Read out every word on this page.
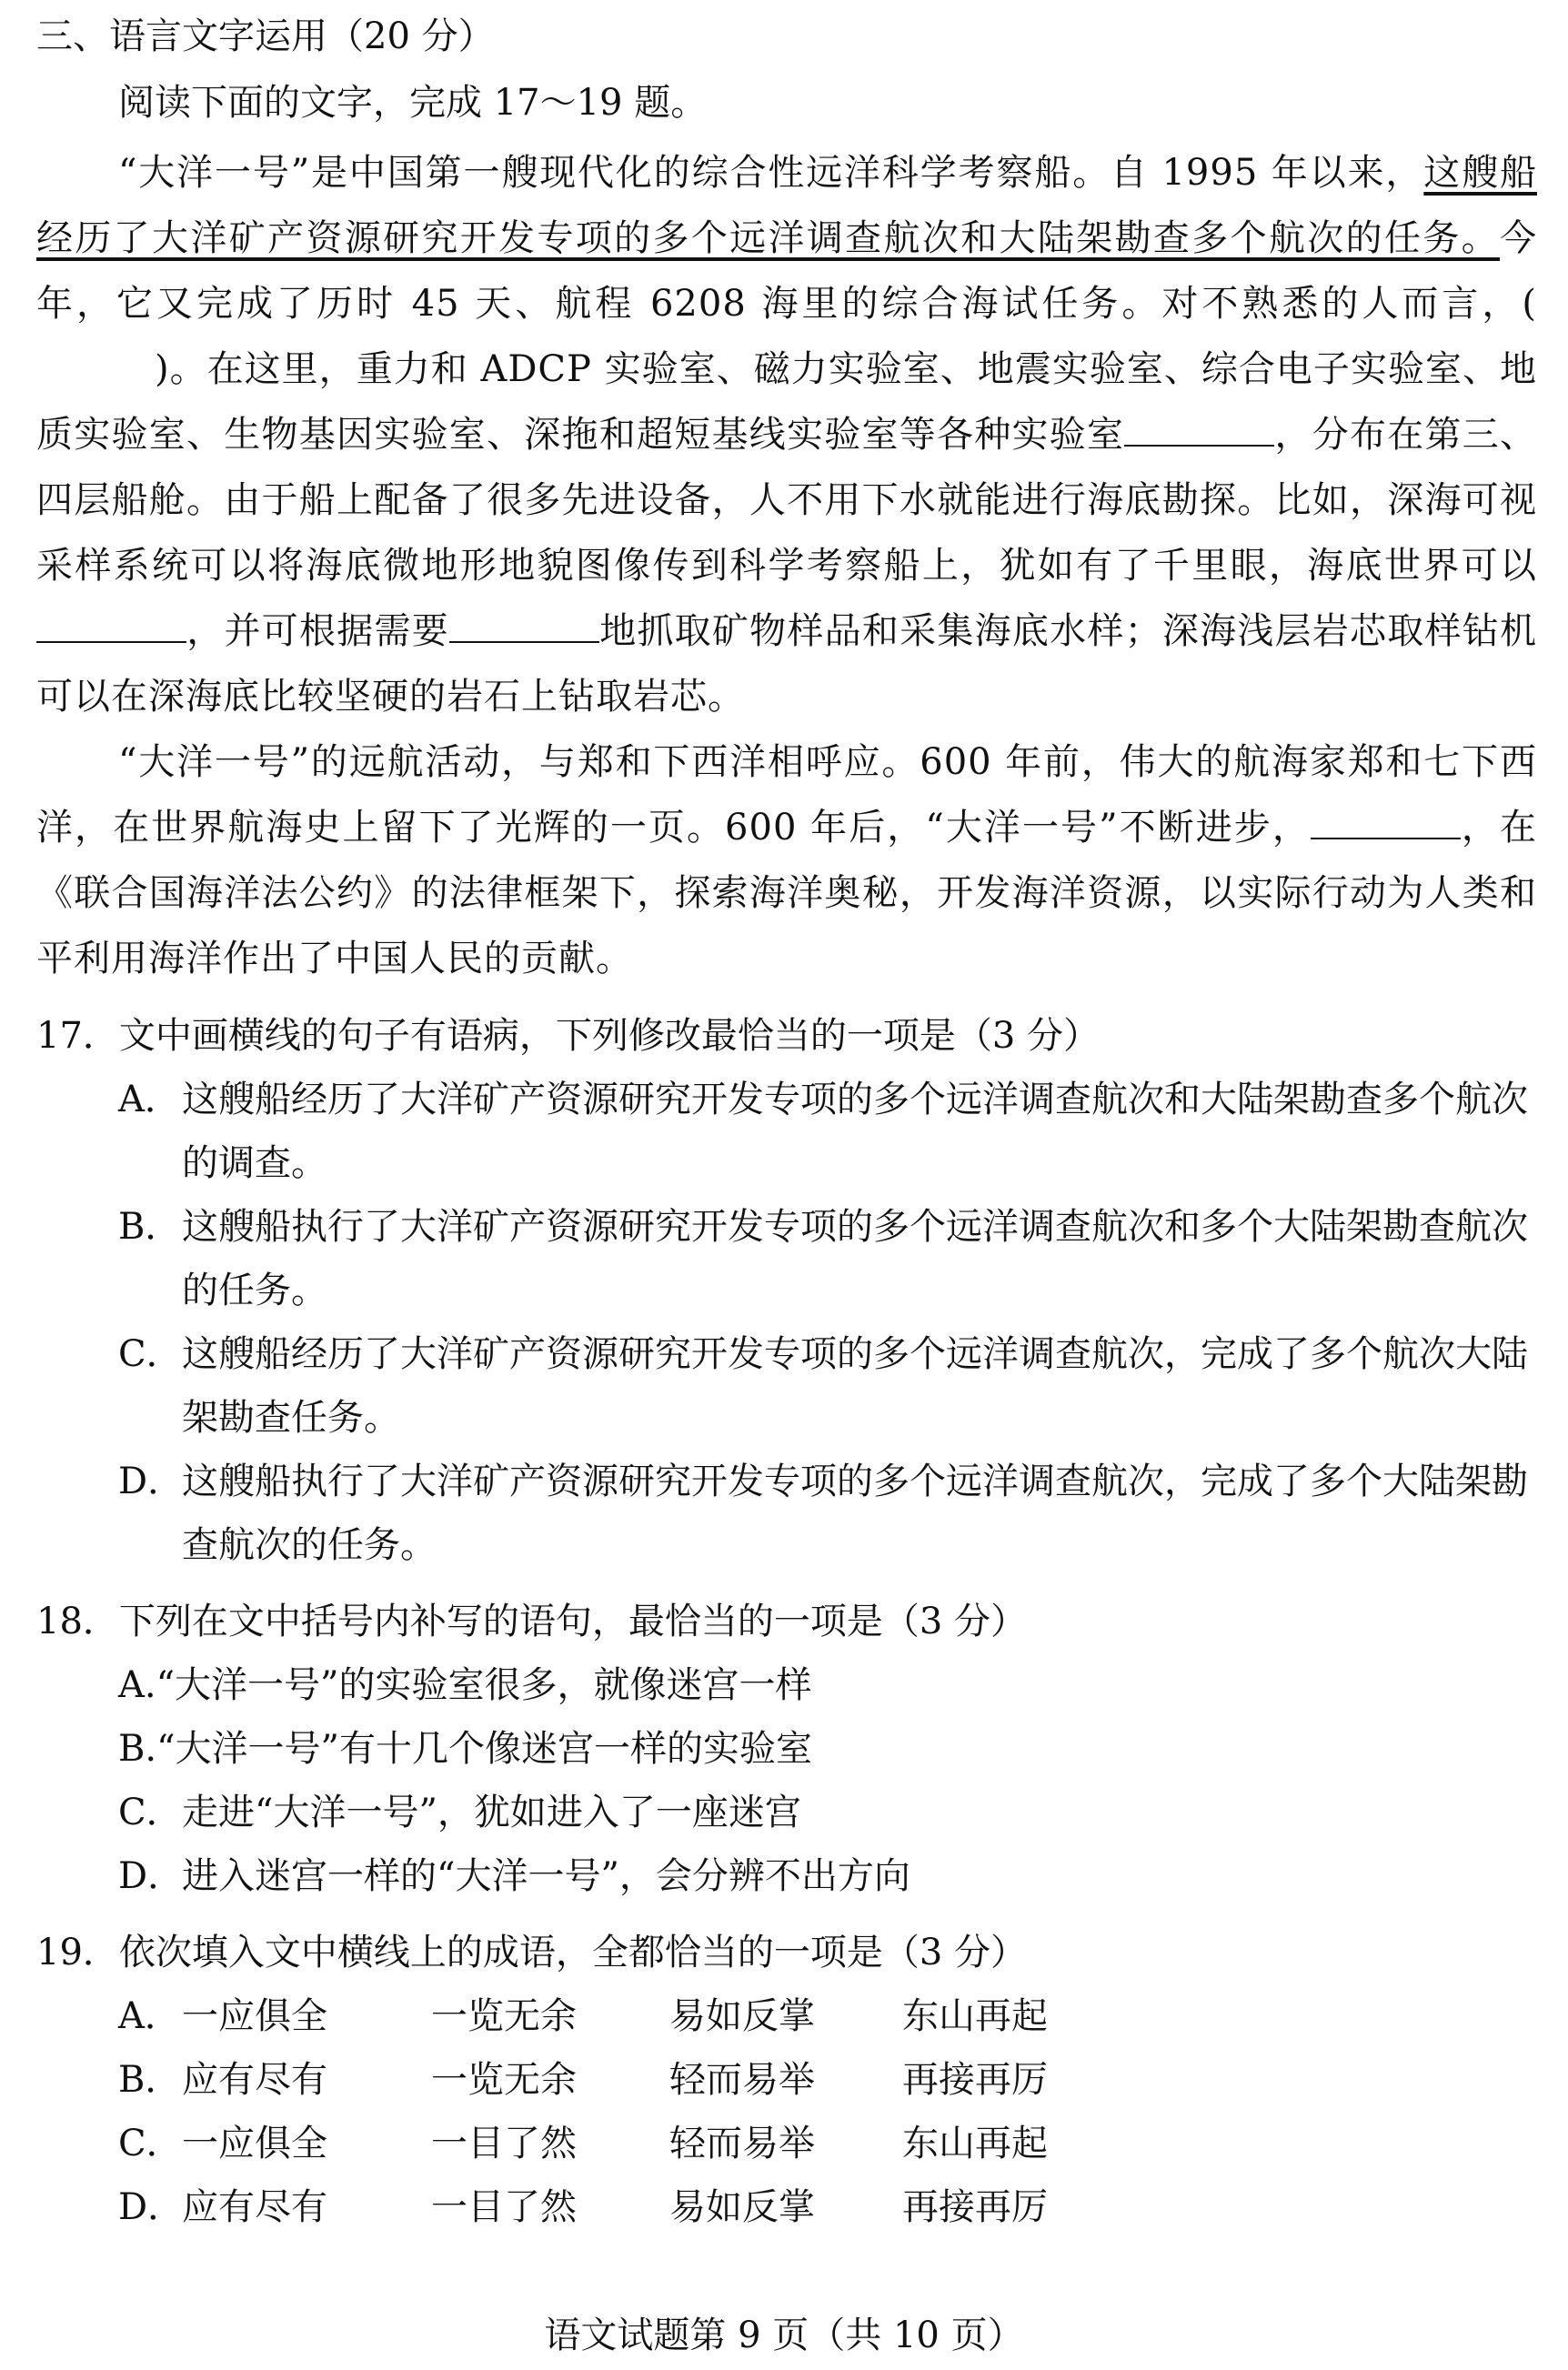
三、语言文字运用（20 分）
阅读下面的文字，完成 17～19 题。

“大洋一号”是中国第一艘现代化的综合性远洋科学考察船。自 1995 年以来，这艘船经历了大洋矿产资源研究开发专项的多个远洋调查航次和大陆架勘查多个航次的任务。今年，它又完成了历时 45 天、航程 6208 海里的综合海试任务。对不熟悉的人而言，()。在这里，重力和 ADCP 实验室、磁力实验室、地震实验室、综合电子实验室、地质实验室、生物基因实验室、深拖和超短基线实验室等各种实验室	，分布在第三、四层船舱。由于船上配备了很多先进设备，人不用下水就能进行海底勘探。比如，深海可视采样系统可以将海底微地形地貌图像传到科学考察船上，犹如有了千里眼，海底世界可以，并可根据需要	地抓取矿物样品和采集海底水样；深海浅层岩芯取样钻机可以在深海底比较坚硬的岩石上钻取岩芯。

“大洋一号”的远航活动，与郑和下西洋相呼应。600 年前，伟大的航海家郑和七下西洋，在世界航海史上留下了光辉的一页。600 年后，“大洋一号”不断进步，	，在《联合国海洋法公约》的法律框架下，探索海洋奥秘，开发海洋资源，以实际行动为人类和平利用海洋作出了中国人民的贡献。

17．文中画横线的句子有语病，下列修改最恰当的一项是（3 分）
A．这艘船经历了大洋矿产资源研究开发专项的多个远洋调查航次和大陆架勘查多个航次的调查。
B．这艘船执行了大洋矿产资源研究开发专项的多个远洋调查航次和多个大陆架勘查航次的任务。
C．这艘船经历了大洋矿产资源研究开发专项的多个远洋调查航次，完成了多个航次大陆架勘查任务。
D．这艘船执行了大洋矿产资源研究开发专项的多个远洋调查航次，完成了多个大陆架勘查航次的任务。
18．下列在文中括号内补写的语句，最恰当的一项是（3 分）
A.“大洋一号”的实验室很多，就像迷宫一样
B.“大洋一号”有十几个像迷宫一样的实验室
C．走进“大洋一号”，犹如进入了一座迷宫
D．进入迷宫一样的“大洋一号”，会分辨不出方向
19．依次填入文中横线上的成语，全都恰当的一项是（3 分）
A．一应俱全	一览无余	易如反掌 东山再起
B．应有尽有	一览无余	轻而易举 再接再厉
C．一应俱全	一目了然	轻而易举 东山再起
D．应有尽有	一目了然	易如反掌 再接再厉
语文试题第 9 页（共 10 页）
